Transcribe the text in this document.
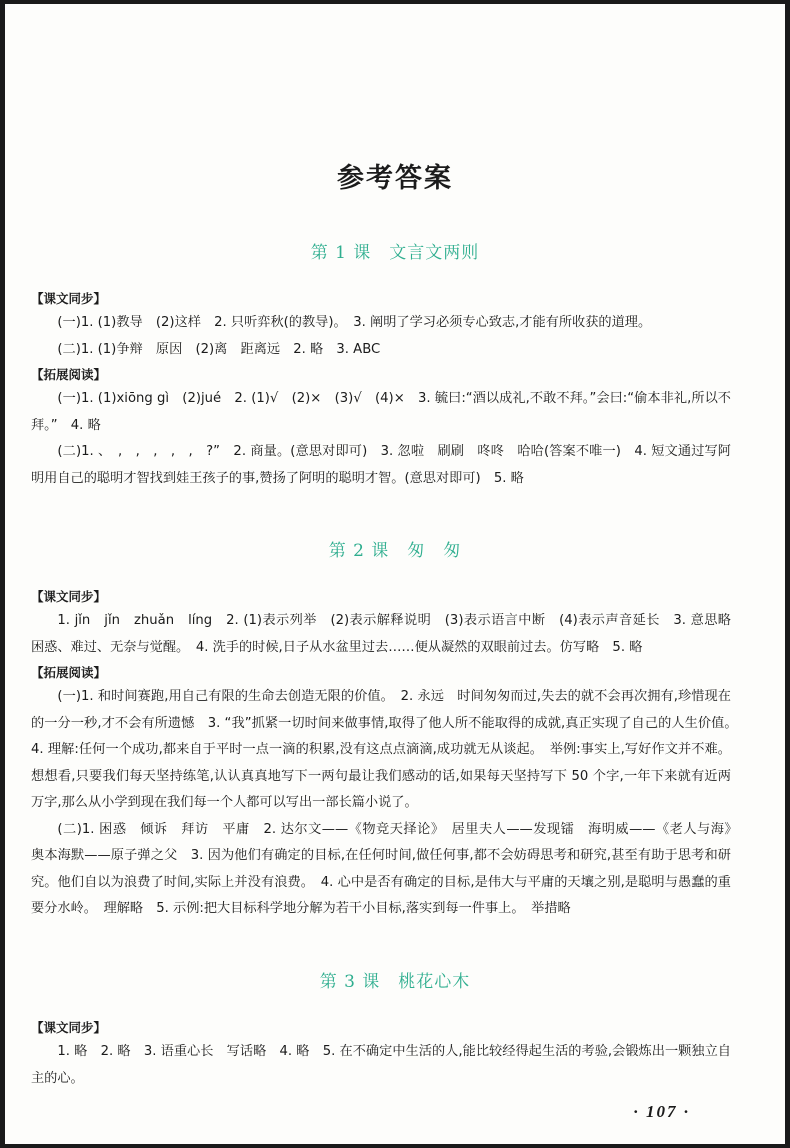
参考答案
第 1 课　文言文两则
【课文同步】

(一)1. (1)教导　(2)这样　2. 只听弈秋(的教导)。　3. 阐明了学习必须专心致志,才能有所收获的道理。

(二)1. (1)争辩　原因　(2)离　距离远　2. 略　3. ABC

【拓展阅读】

(一)1. (1)xiōng gì　(2)jué　2. (1)√　(2)×　(3)√　(4)×　3. 毓曰:“酒以成礼,不敢不拜。”会曰:“偷本非礼,所以不拜。”　4. 略

(二)1. 、　,　,　,　,　,　?”　2. 商量。(意思对即可)　3. 忽啦　刷刷　咚咚　哈哈(答案不唯一)　4. 短文通过写阿明用自己的聪明才智找到娃王孩子的事,赞扬了阿明的聪明才智。(意思对即可)　5. 略

第 2 课　匆　匆
【课文同步】

1. jǐn　jǐn　zhuǎn　líng　2. (1)表示列举　(2)表示解释说明　(3)表示语言中断　(4)表示声音延长　3. 意思略　困惑、难过、无奈与觉醒。　4. 洗手的时候,日子从水盆里过去……便从凝然的双眼前过去。仿写略　5. 略

【拓展阅读】

(一)1. 和时间赛跑,用自己有限的生命去创造无限的价值。　2. 永远　时间匆匆而过,失去的就不会再次拥有,珍惜现在的一分一秒,才不会有所遗憾　3. “我”抓紧一切时间来做事情,取得了他人所不能取得的成就,真正实现了自己的人生价值。　4. 理解:任何一个成功,都来自于平时一点一滴的积累,没有这点点滴滴,成功就无从谈起。　举例:事实上,写好作文并不难。想想看,只要我们每天坚持练笔,认认真真地写下一两句最让我们感动的话,如果每天坚持写下 50 个字,一年下来就有近两万字,那么从小学到现在我们每一个人都可以写出一部长篇小说了。

(二)1. 困惑　倾诉　拜访　平庸　2. 达尔文——《物竞天择论》　居里夫人——发现镭　海明威——《老人与海》　奥本海默——原子弹之父　3. 因为他们有确定的目标,在任何时间,做任何事,都不会妨碍思考和研究,甚至有助于思考和研究。他们自以为浪费了时间,实际上并没有浪费。　4. 心中是否有确定的目标,是伟大与平庸的天壤之别,是聪明与愚蠢的重要分水岭。　理解略　5. 示例:把大目标科学地分解为若干小目标,落实到每一件事上。　举措略

第 3 课　桃花心木
【课文同步】

1. 略　2. 略　3. 语重心长　写话略　4. 略　5. 在不确定中生活的人,能比较经得起生活的考验,会锻炼出一颗独立自主的心。

· 107 ·
